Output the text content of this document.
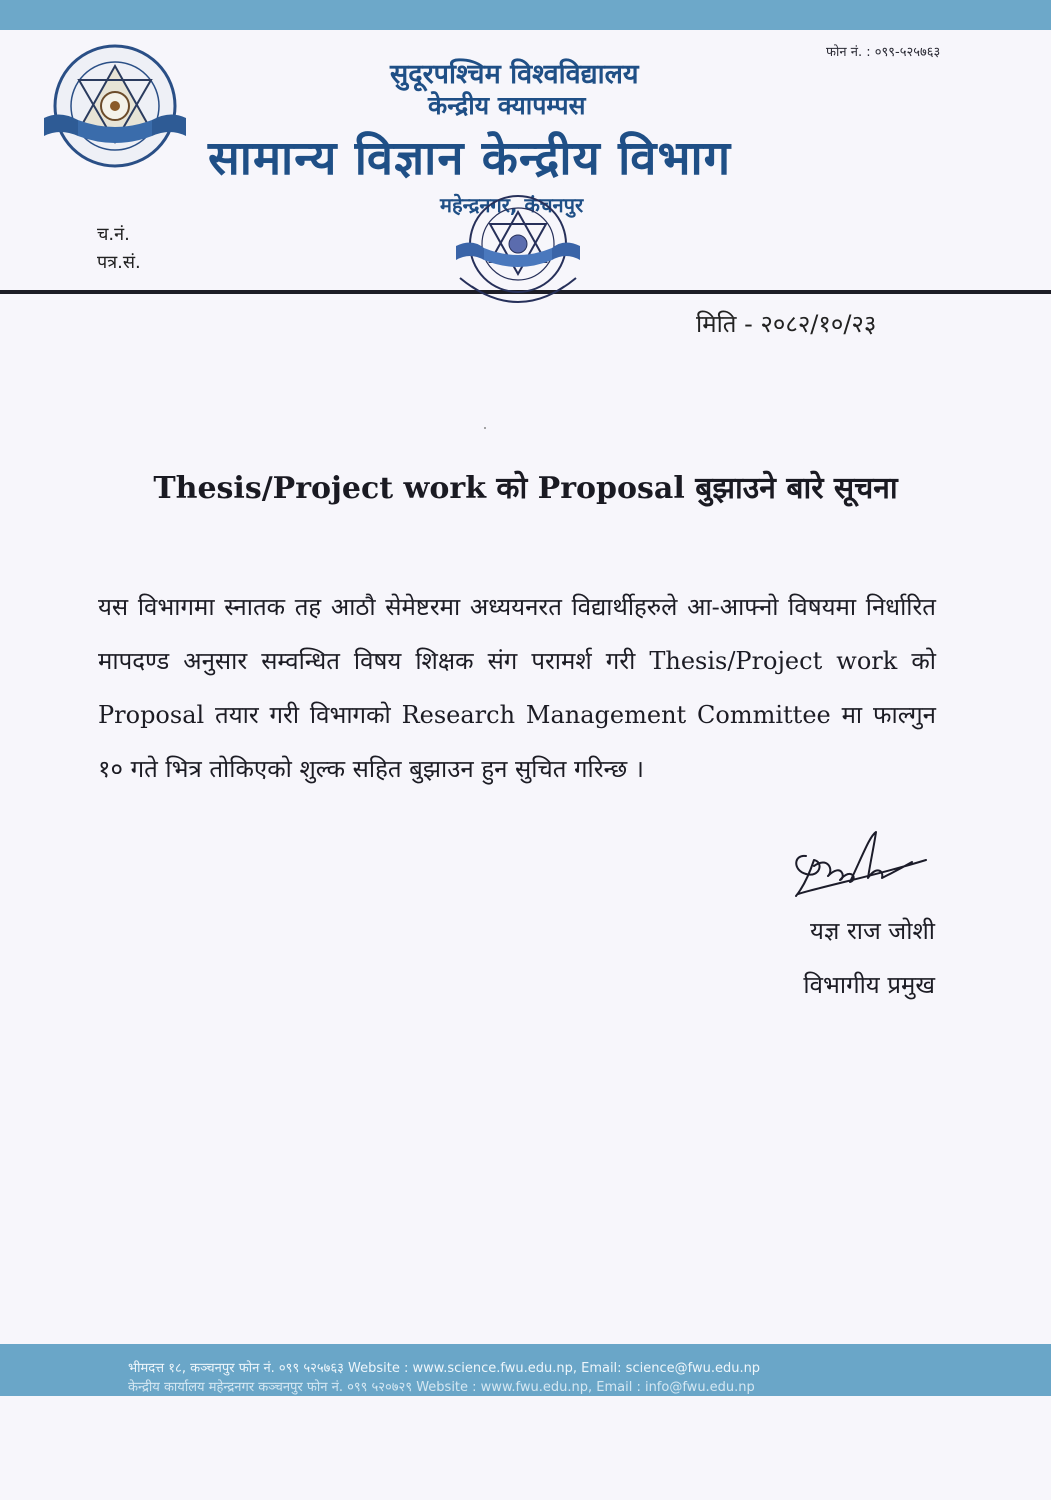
फोन नं. : ०९९-५२५७६३
सुदूरपश्चिम विश्वविद्यालय
केन्द्रीय क्यापम्पस
सामान्य विज्ञान केन्द्रीय विभाग
महेन्द्रनगर, कंचनपुर
च.नं.
पत्र.सं.
मिति - २०८२/१०/२३
Thesis/Project work को Proposal बुझाउने बारे सूचना
यस विभागमा स्नातक तह आठौ सेमेष्टरमा अध्ययनरत विद्यार्थीहरुले आ-आफ्नो विषयमा निर्धारित मापदण्ड अनुसार सम्वन्धित विषय शिक्षक संग परामर्श गरी Thesis/Project work को Proposal तयार गरी विभागको Research Management Committee मा फाल्गुन १० गते भित्र तोकिएको शुल्क सहित बुझाउन हुन सुचित गरिन्छ ।
यज्ञ राज जोशी
विभागीय प्रमुख
भीमदत्त १८, कञ्चनपुर फोन नं. ०९९ ५२५७६३ Website : www.science.fwu.edu.np, Email: science@fwu.edu.np
केन्द्रीय कार्यालय महेन्द्रनगर कञ्चनपुर फोन नं. ०९९ ५२०७२९ Website : www.fwu.edu.np, Email : info@fwu.edu.np
